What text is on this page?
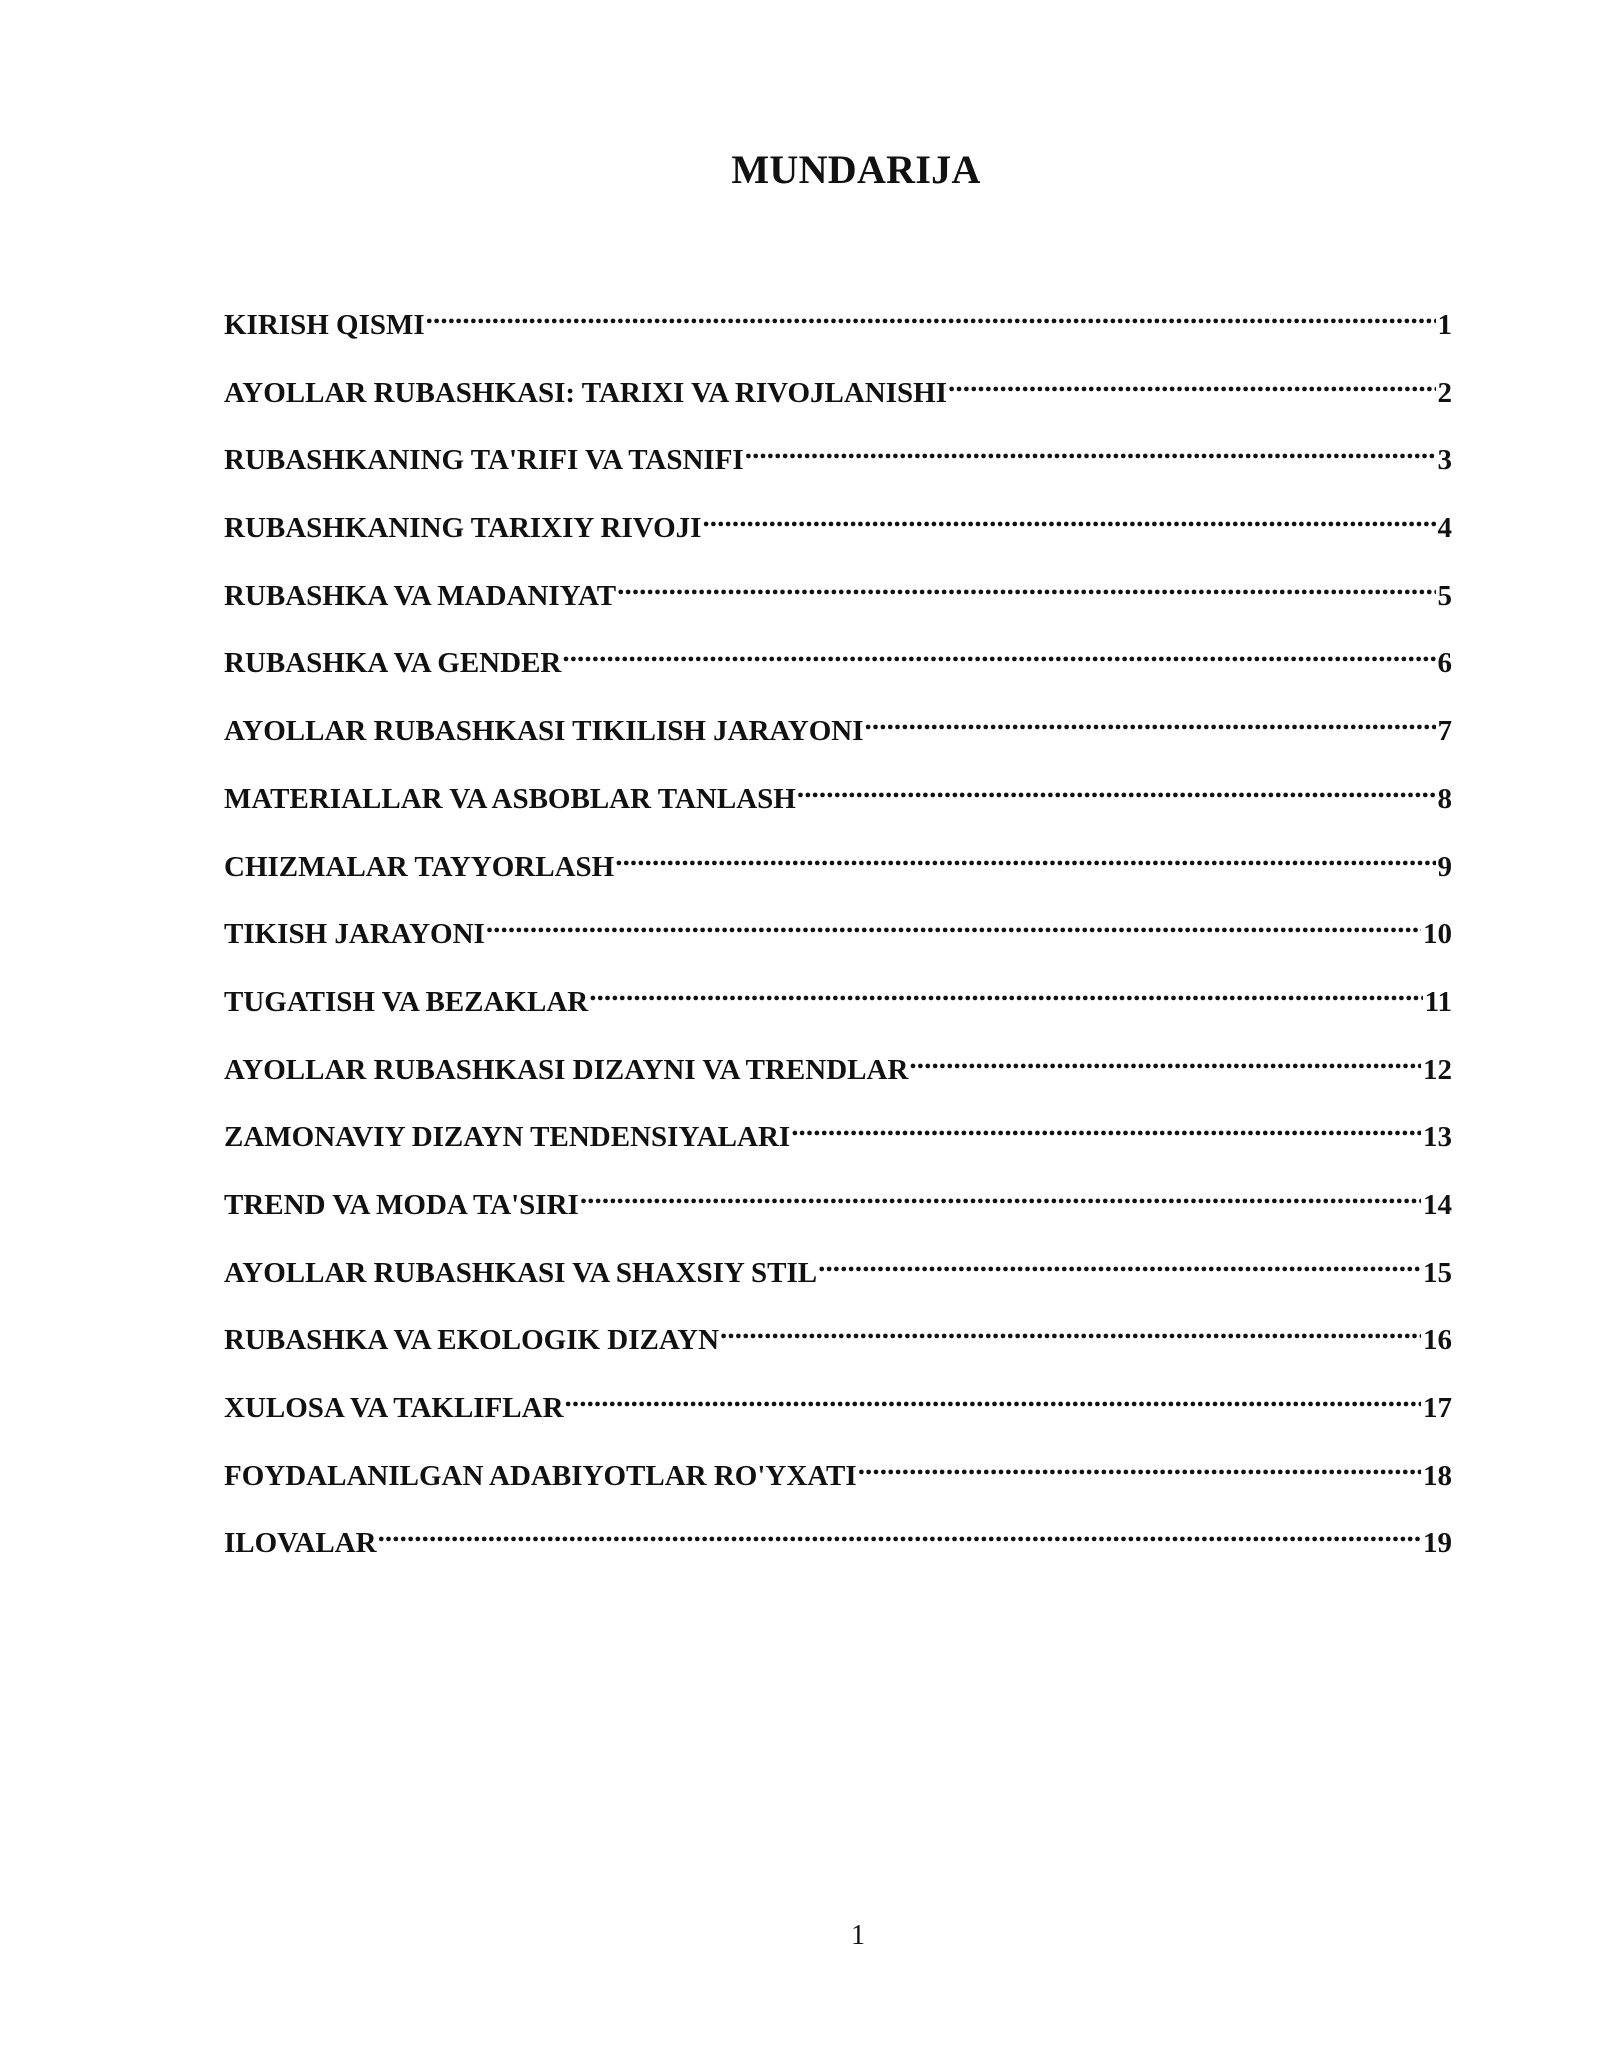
MUNDARIJA
KIRISH QISMI .....	1
AYOLLAR RUBASHKASI: TARIXI VA RIVOJLANISHI .....	2
RUBASHKANING TA'RIFI VA TASNIFI .....	3
RUBASHKANING TARIXIY RIVOJI .....	4
RUBASHKA VA MADANIYAT .....	5
RUBASHKA VA GENDER .....	6
AYOLLAR RUBASHKASI TIKILISH JARAYONI .....	7
MATERIALLAR VA ASBOBLAR TANLASH .....	8
CHIZMALAR TAYYORLASH .....	9
TIKISH JARAYONI .....	10
TUGATISH VA BEZAKLAR .....	11
AYOLLAR RUBASHKASI DIZAYNI VA TRENDLAR .....	12
ZAMONAVIY DIZAYN TENDENSIYALARI .....	13
TREND VA MODA TA'SIRI .....	14
AYOLLAR RUBASHKASI VA SHAXSIY STIL .....	15
RUBASHKA VA EKOLOGIK DIZAYN .....	16
XULOSA VA TAKLIFLAR .....	17
FOYDALANILGAN ADABIYOTLAR RO'YXATI .....	18
ILOVALAR .....	19
1
